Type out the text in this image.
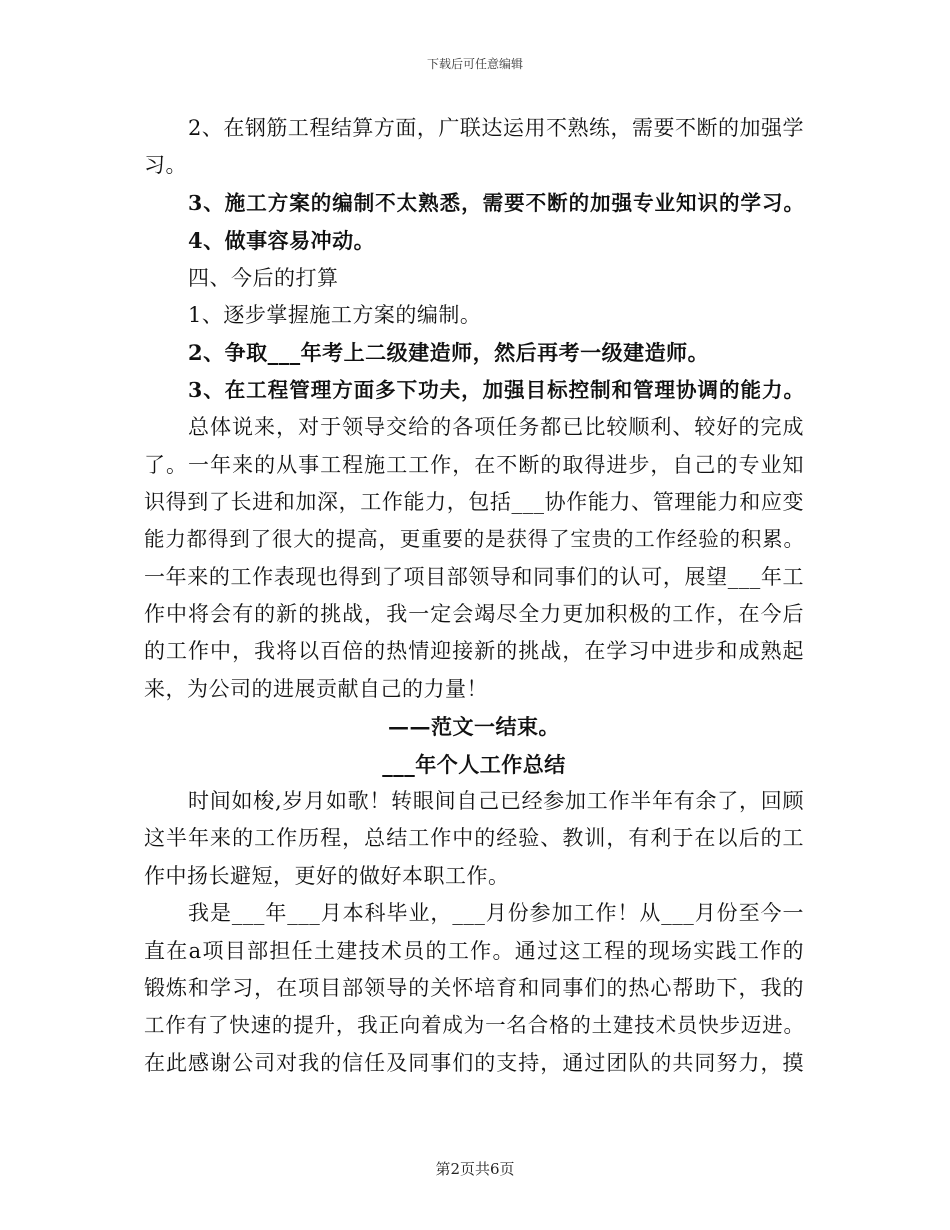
下载后可任意编辑
2、在钢筋工程结算方面，广联达运用不熟练，需要不断的加强学
习。
3、施工方案的编制不太熟悉，需要不断的加强专业知识的学习。
4、做事容易冲动。
四、今后的打算
1、逐步掌握施工方案的编制。
2、争取___年考上二级建造师，然后再考一级建造师。
3、在工程管理方面多下功夫，加强目标控制和管理协调的能力。
总体说来，对于领导交给的各项任务都已比较顺利、较好的完成
了。一年来的从事工程施工工作，在不断的取得进步，自己的专业知
识得到了长进和加深，工作能力，包括___协作能力、管理能力和应变
能力都得到了很大的提高，更重要的是获得了宝贵的工作经验的积累。
一年来的工作表现也得到了项目部领导和同事们的认可，展望___年工
作中将会有的新的挑战，我一定会竭尽全力更加积极的工作，在今后
的工作中，我将以百倍的热情迎接新的挑战，在学习中进步和成熟起
来，为公司的进展贡献自己的力量！
——范文一结束。
___年个人工作总结
时间如梭,岁月如歌！转眼间自己已经参加工作半年有余了，回顾
这半年来的工作历程，总结工作中的经验、教训，有利于在以后的工
作中扬长避短，更好的做好本职工作。
我是___年___月本科毕业，___月份参加工作！从___月份至今一
直在a项目部担任土建技术员的工作。通过这工程的现场实践工作的
锻炼和学习，在项目部领导的关怀培育和同事们的热心帮助下，我的
工作有了快速的提升，我正向着成为一名合格的土建技术员快步迈进。
在此感谢公司对我的信任及同事们的支持，通过团队的共同努力，摸
第2页共6页
